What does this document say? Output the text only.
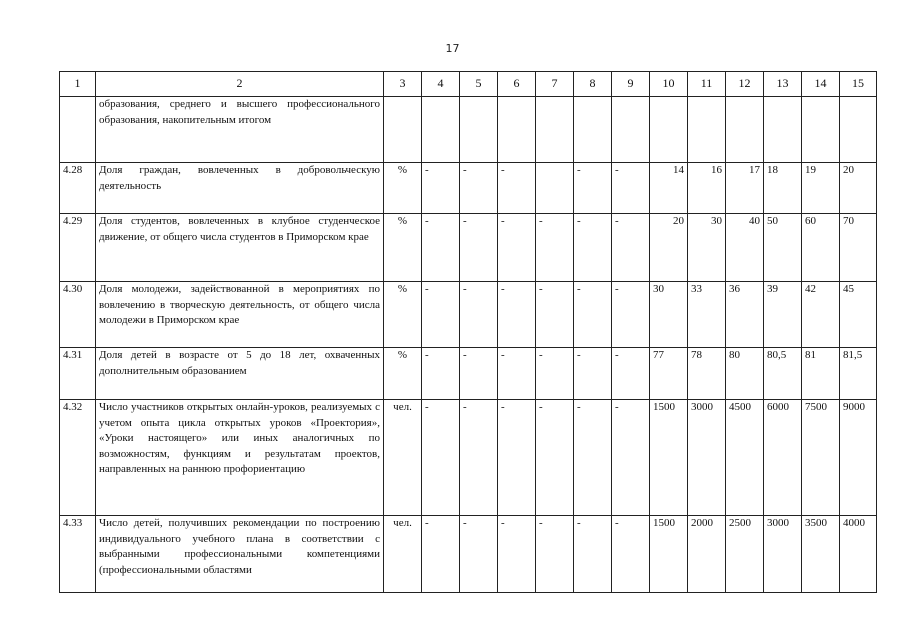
17
1	2	3	4	5	6	7	8	9	10	11	12	13	14	15
	образования, среднего и высшего профессионального образования, накопительным итогом													
4.28	Доля граждан, вовлеченных в добровольческую деятельность	%	-	-	-		-	-	14	16	17	18	19	20
4.29	Доля студентов, вовлеченных в клубное студенческое движение, от общего числа студентов в Приморском крае	%	-	-	-	-	-	-	20	30	40	50	60	70
4.30	Доля молодежи, задействованной в мероприятиях по вовлечению в творческую деятельность, от общего числа молодежи в Приморском крае	%	-	-	-	-	-	-	30	33	36	39	42	45
4.31	Доля детей в возрасте от 5 до 18 лет, охваченных дополнительным образованием	%	-	-	-	-	-	-	77	78	80	80,5	81	81,5
4.32	Число участников открытых онлайн-уроков, реализуемых с учетом опыта цикла открытых уроков «Проектория», «Уроки настоящего» или иных аналогичных по возможностям, функциям и результатам проектов, направленных на раннюю профориентацию	чел.	-	-	-	-	-	-	1500	3000	4500	6000	7500	9000
4.33	Число детей, получивших рекомендации по построению индивидуального учебного плана в соответствии с выбранными профессиональными компетенциями (профессиональными областями	чел.	-	-	-	-	-	-	1500	2000	2500	3000	3500	4000
